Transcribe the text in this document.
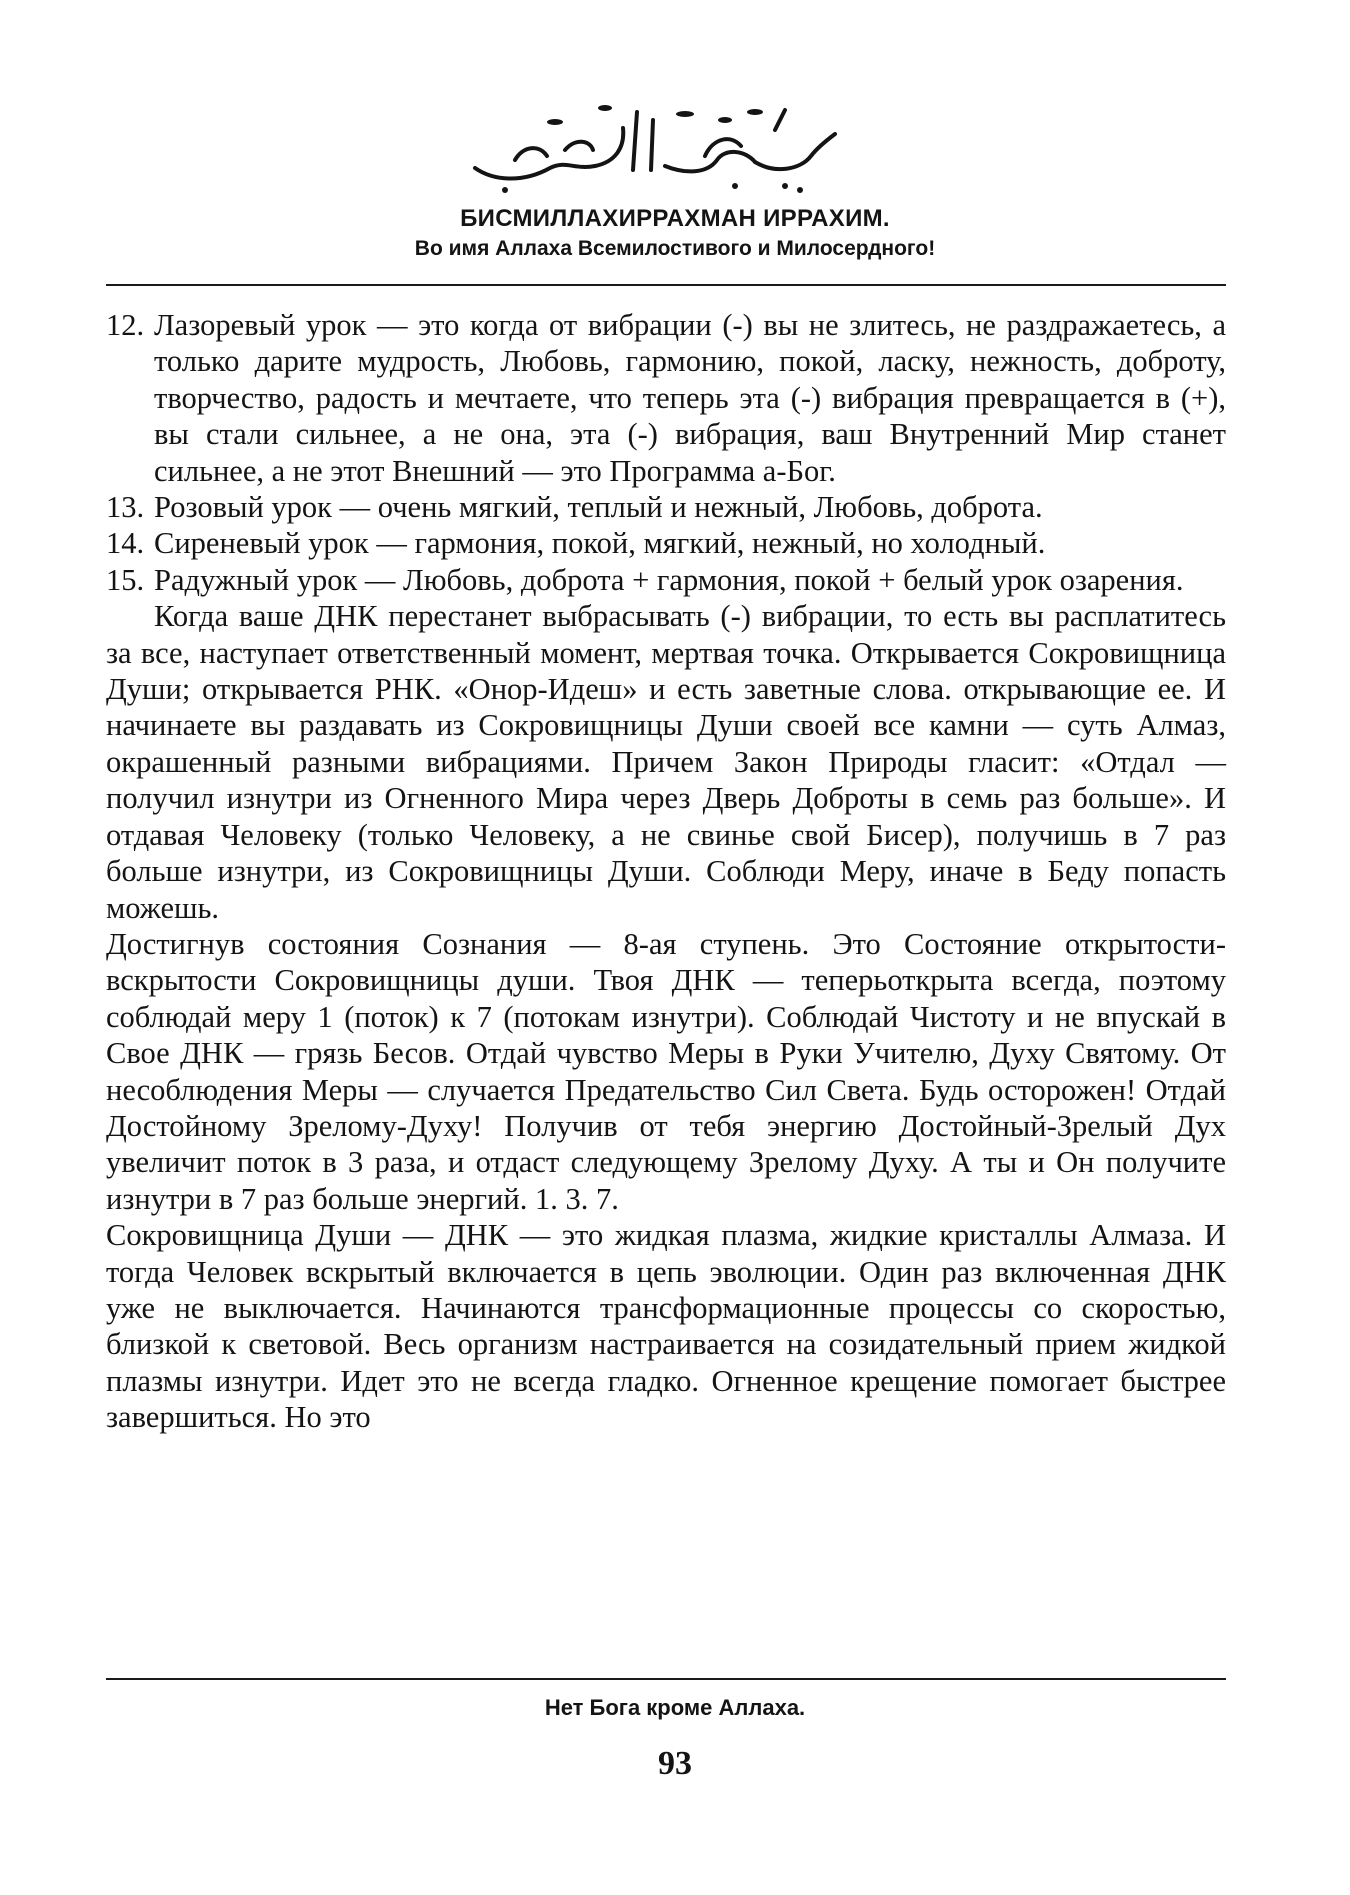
БИСМИЛЛАХИРРАХМАН ИРРАХИМ.
Во имя Аллаха Всемилостивого и Милосердного!
12. Лазоревый урок — это когда от вибрации (-) вы не злитесь, не раздражаетесь, а только дарите мудрость, Любовь, гармонию, покой, ласку, нежность, доброту, творчество, радость и мечтаете, что теперь эта (-) вибрация превращается в (+), вы стали сильнее, а не она, эта (-) вибрация, ваш Внутренний Мир станет сильнее, а не этот Внешний — это Программа а-Бог.
13. Розовый урок — очень мягкий, теплый и нежный, Любовь, доброта.
14. Сиреневый урок — гармония, покой, мягкий, нежный, но холодный.
15. Радужный урок — Любовь, доброта + гармония, покой + белый урок озарения.
Когда ваше ДНК перестанет выбрасывать (-) вибрации, то есть вы расплатитесь за все, наступает ответственный момент, мертвая точка. Открывается Сокровищница Души; открывается РНК. «Онор-Идеш» и есть заветные слова. открывающие ее. И начинаете вы раздавать из Сокровищницы Души своей все камни — суть Алмаз, окрашенный разными вибрациями. Причем Закон Природы гласит: «Отдал — получил изнутри из Огненного Мира через Дверь Доброты в семь раз больше». И отдавая Человеку (только Человеку, а не свинье свой Бисер), получишь в 7 раз больше изнутри, из Сокровищницы Души. Соблюди Меру, иначе в Беду попасть можешь.
Достигнув состояния Сознания — 8-ая ступень. Это Состояние открытости-вскрытости Сокровищницы души. Твоя ДНК — теперьоткрыта всегда, поэтому соблюдай меру 1 (поток) к 7 (потокам изнутри). Соблюдай Чистоту и не впускай в Свое ДНК — грязь Бесов. Отдай чувство Меры в Руки Учителю, Духу Святому. От несоблюдения Меры — случается Предательство Сил Света. Будь осторожен! Отдай Достойному Зрелому-Духу! Получив от тебя энергию Достойный-Зрелый Дух увеличит поток в 3 раза, и отдаст следующему Зрелому Духу. А ты и Он получите изнутри в 7 раз больше энергий. 1. 3. 7.
Сокровищница Души — ДНК — это жидкая плазма, жидкие кристаллы Алмаза. И тогда Человек вскрытый включается в цепь эволюции. Один раз включенная ДНК уже не выключается. Начинаются трансформационные процессы со скоростью, близкой к световой. Весь организм настраивается на созидательный прием жидкой плазмы изнутри. Идет это не всегда гладко. Огненное крещение помогает быстрее завершиться. Но это
Нет Бога кроме Аллаха.
93
